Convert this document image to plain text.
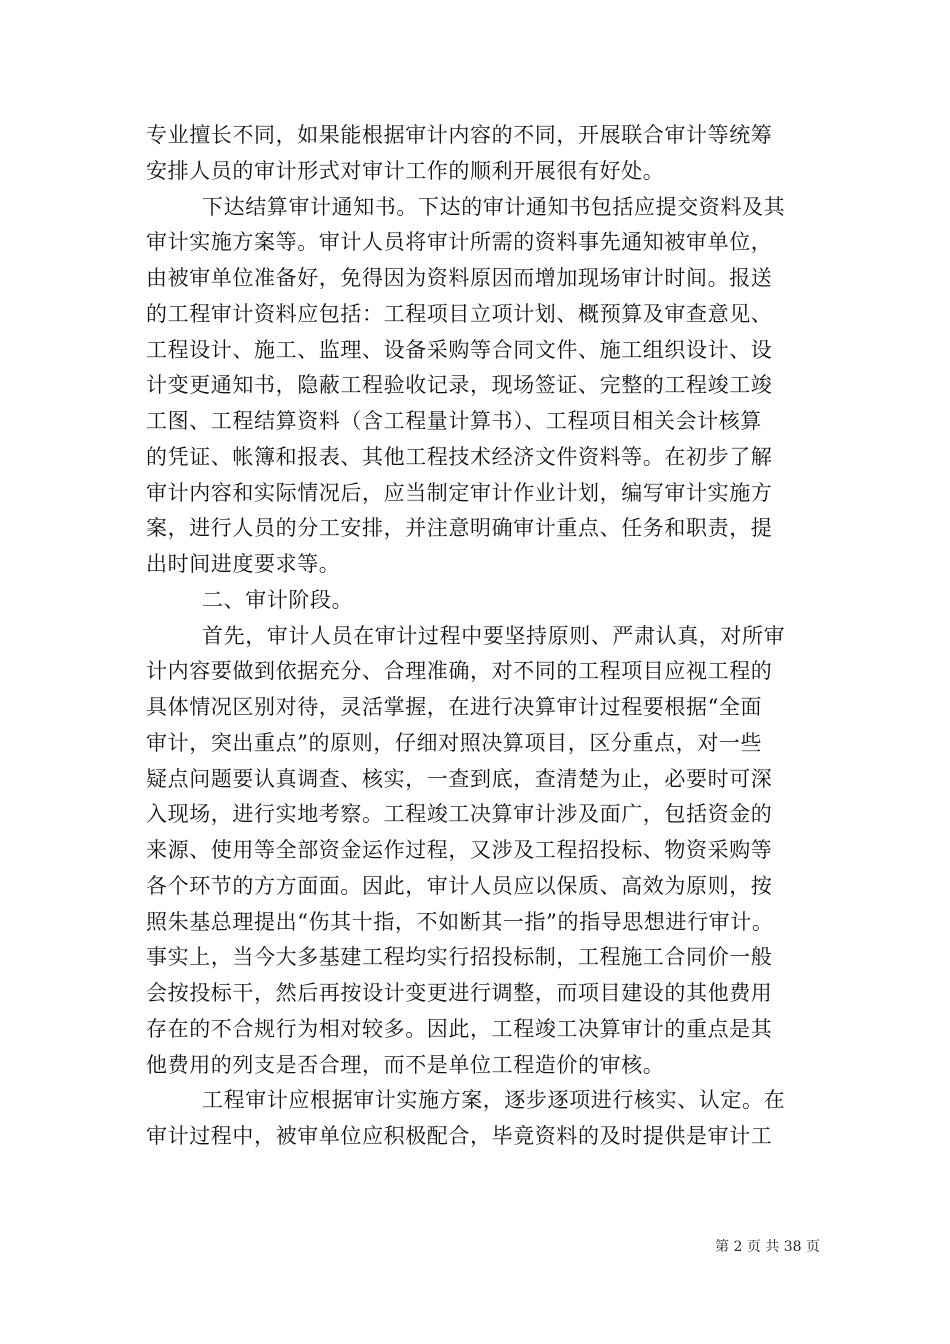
专业擅长不同，如果能根据审计内容的不同，开展联合审计等统筹
安排人员的审计形式对审计工作的顺利开展很有好处。
下达结算审计通知书。下达的审计通知书包括应提交资料及其
审计实施方案等。审计人员将审计所需的资料事先通知被审单位，
由被审单位准备好，免得因为资料原因而增加现场审计时间。报送
的工程审计资料应包括：工程项目立项计划、概预算及审查意见、
工程设计、施工、监理、设备采购等合同文件、施工组织设计、设
计变更通知书，隐蔽工程验收记录，现场签证、完整的工程竣工竣
工图、工程结算资料（含工程量计算书）、工程项目相关会计核算
的凭证、帐簿和报表、其他工程技术经济文件资料等。在初步了解
审计内容和实际情况后，应当制定审计作业计划，编写审计实施方
案，进行人员的分工安排，并注意明确审计重点、任务和职责，提
出时间进度要求等。
二、审计阶段。
首先，审计人员在审计过程中要坚持原则、严肃认真，对所审
计内容要做到依据充分、合理准确，对不同的工程项目应视工程的
具体情况区别对待，灵活掌握，在进行决算审计过程要根据“全面
审计，突出重点”的原则，仔细对照决算项目，区分重点，对一些
疑点问题要认真调查、核实，一查到底，查清楚为止，必要时可深
入现场，进行实地考察。工程竣工决算审计涉及面广，包括资金的
来源、使用等全部资金运作过程，又涉及工程招投标、物资采购等
各个环节的方方面面。因此，审计人员应以保质、高效为原则，按
照朱基总理提出“伤其十指，不如断其一指”的指导思想进行审计。
事实上，当今大多基建工程均实行招投标制，工程施工合同价一般
会按投标干，然后再按设计变更进行调整，而项目建设的其他费用
存在的不合规行为相对较多。因此，工程竣工决算审计的重点是其
他费用的列支是否合理，而不是单位工程造价的审核。
工程审计应根据审计实施方案，逐步逐项进行核实、认定。在
审计过程中，被审单位应积极配合，毕竟资料的及时提供是审计工
第 2 页 共 38 页
